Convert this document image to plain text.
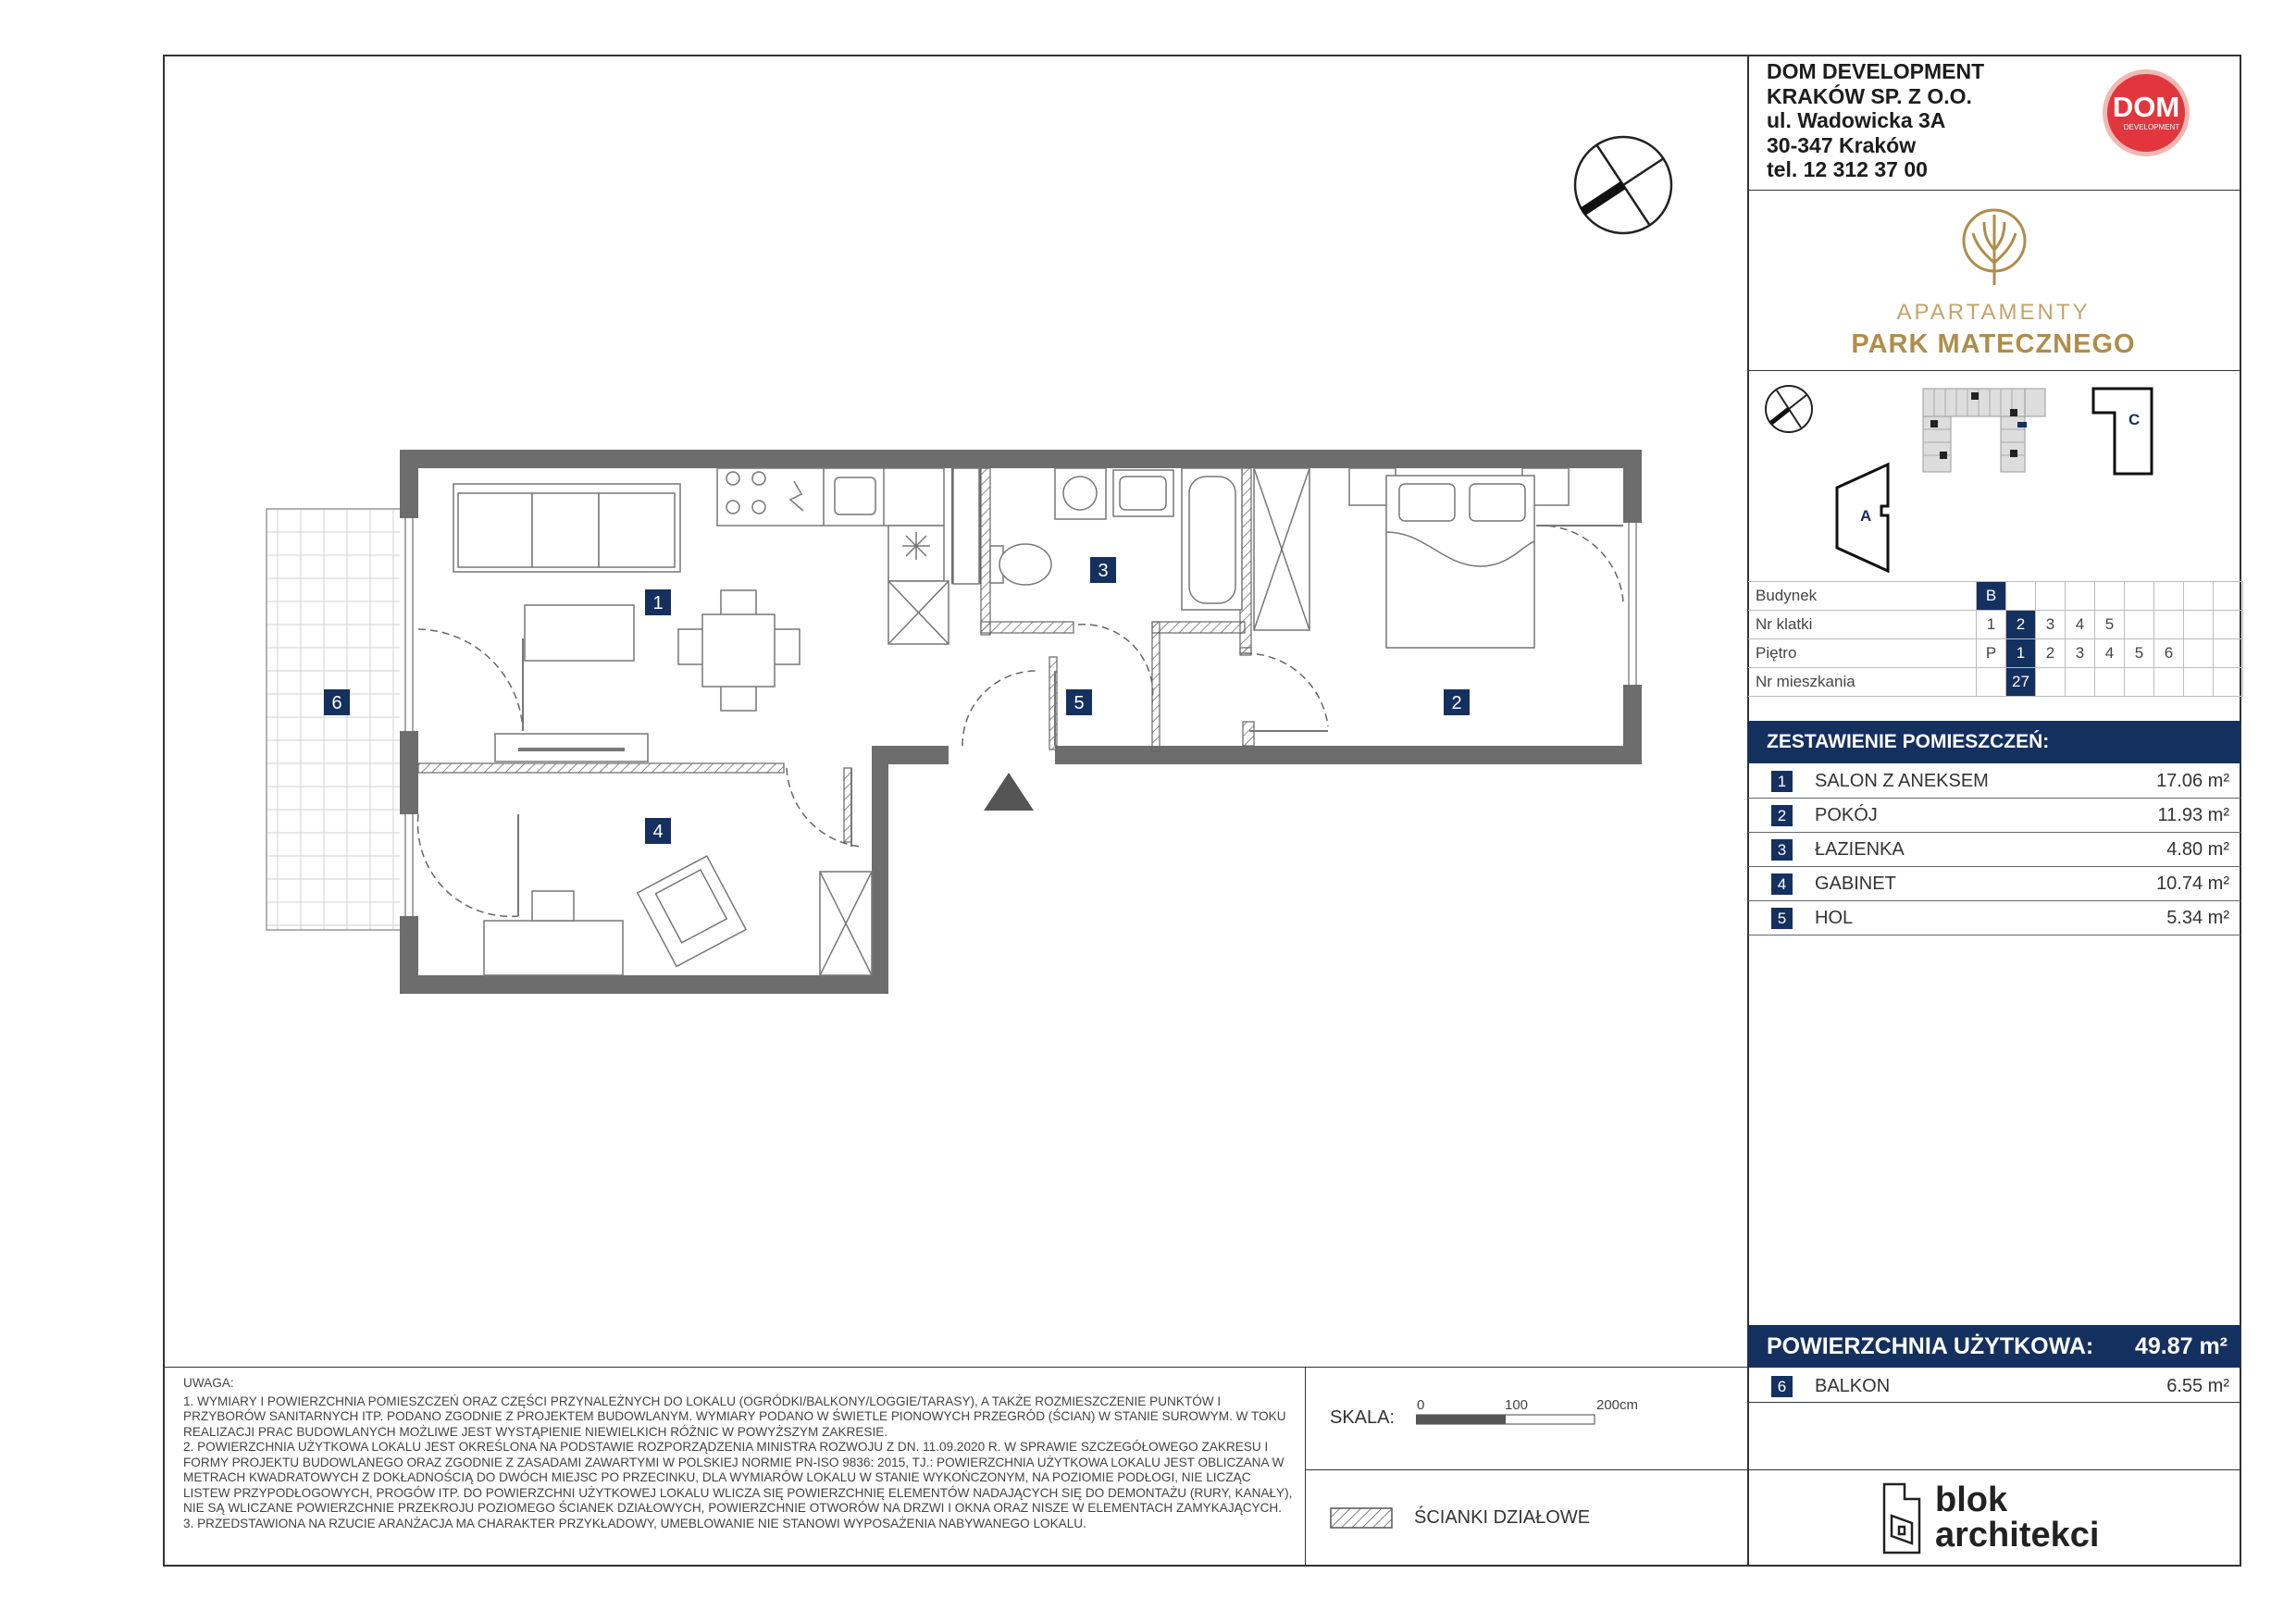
DOM DEVELOPMENT
KRAKÓW SP. Z O.O.
ul. Wadowicka 3A
30-347 Kraków
tel. 12 312 37 00
DOM
DEVELOPMENT
APARTAMENTY
PARK MATECZNEGO
A
C
Budynek	B								
Nr klatki	1	2	3	4	5				
Piętro	P	1	2	3	4	5	6		
Nr mieszkania		27							
ZESTAWIENIE POMIESZCZEŃ:
1	SALON Z ANEKSEM	17.06 m²
2	POKÓJ	11.93 m²
3	ŁAZIENKA	4.80 m²
4	GABINET	10.74 m²
5	HOL	5.34 m²
POWIERZCHNIA UŻYTKOWA: 49.87 m²
6	BALKON	6.55 m²
blok
architekci
UWAGA:

1. WYMIARY I POWIERZCHNIA POMIESZCZEŃ ORAZ CZĘŚCI PRZYNALEŻNYCH DO LOKALU (OGRÓDKI/BALKONY/LOGGIE/TARASY), A TAKŻE ROZMIESZCZENIE PUNKTÓW I PRZYBORÓW SANITARNYCH ITP. PODANO ZGODNIE Z PROJEKTEM BUDOWLANYM. WYMIARY PODANO W ŚWIETLE PIONOWYCH PRZEGRÓD (ŚCIAN) W STANIE SUROWYM. W TOKU REALIZACJI PRAC BUDOWLANYCH MOŻLIWE JEST WYSTĄPIENIE NIEWIELKICH RÓŻNIC W POWYŻSZYM ZAKRESIE.

2. POWIERZCHNIA UŻYTKOWA LOKALU JEST OKREŚLONA NA PODSTAWIE ROZPORZĄDZENIA MINISTRA ROZWOJU Z DN. 11.09.2020 R. W SPRAWIE SZCZEGÓŁOWEGO ZAKRESU I FORMY PROJEKTU BUDOWLANEGO ORAZ ZGODNIE Z ZASADAMI ZAWARTYMI W POLSKIEJ NORMIE PN-ISO 9836: 2015, TJ.: POWIERZCHNIA UŻYTKOWA LOKALU JEST OBLICZANA W METRACH KWADRATOWYCH Z DOKŁADNOŚCIĄ DO DWÓCH MIEJSC PO PRZECINKU, DLA WYMIARÓW LOKALU W STANIE WYKOŃCZONYM, NA POZIOMIE PODŁOGI, NIE LICZĄC LISTEW PRZYPODŁOGOWYCH, PROGÓW ITP. DO POWIERZCHNI UŻYTKOWEJ LOKALU WLICZA SIĘ POWIERZCHNIĘ ELEMENTÓW NADAJĄCYCH SIĘ DO DEMONTAŻU (RURY, KANAŁY), NIE SĄ WLICZANE POWIERZCHNIE PRZEKROJU POZIOMEGO ŚCIANEK DZIAŁOWYCH, POWIERZCHNIE OTWORÓW NA DRZWI I OKNA ORAZ NISZE W ELEMENTACH ZAMYKAJĄCYCH.

3. PRZEDSTAWIONA NA RZUCIE ARANŻACJA MA CHARAKTER PRZYKŁADOWY, UMEBLOWANIE NIE STANOWI WYPOSAŻENIA NABYWANEGO LOKALU.

SKALA:
0	100	200cm
ŚCIANKI DZIAŁOWE
1
2
3
4
5
6
